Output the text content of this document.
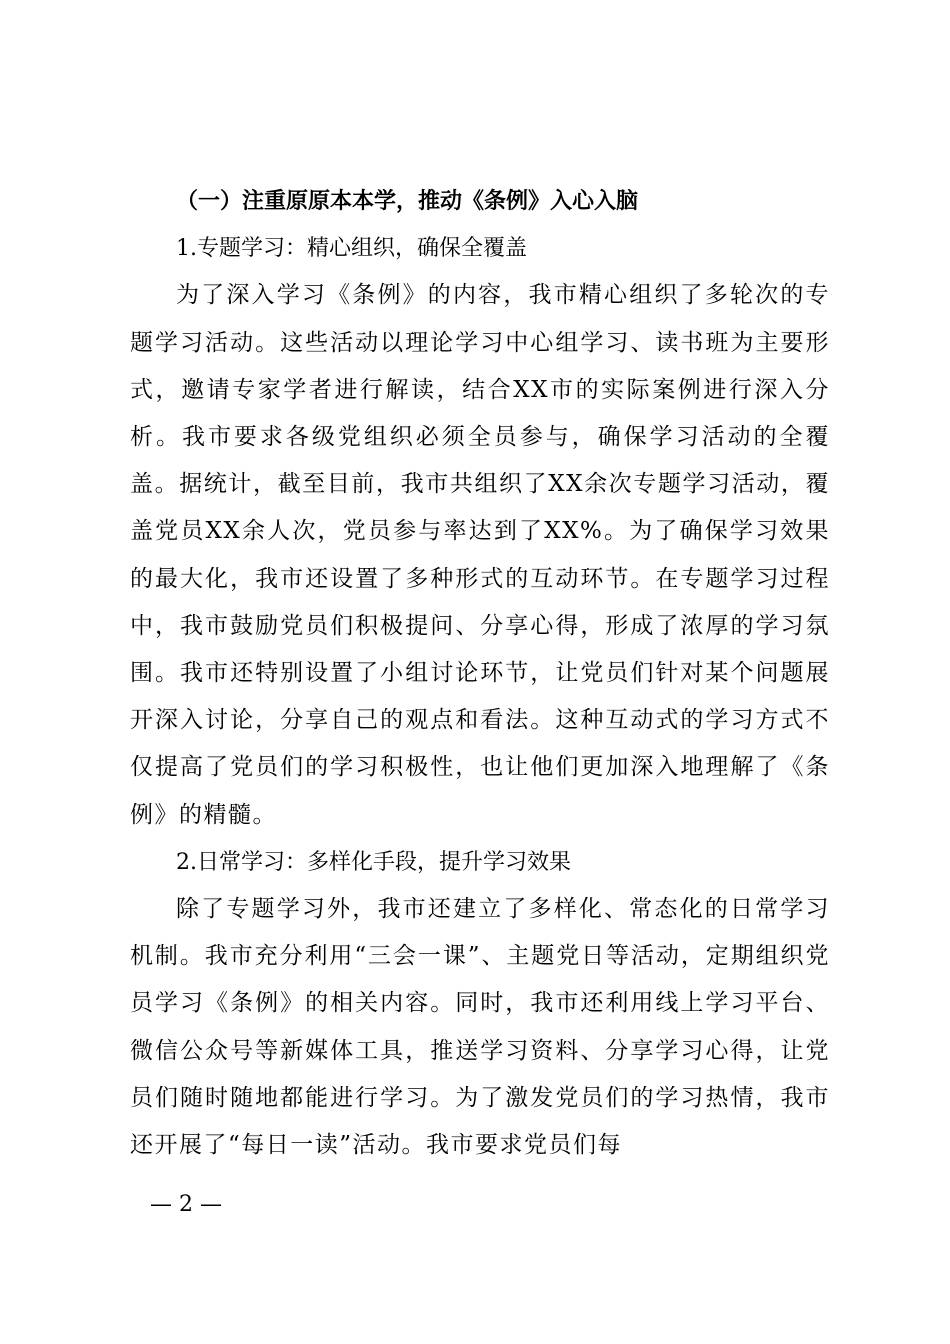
（一）注重原原本本学，推动《条例》入心入脑

1.专题学习：精心组织，确保全覆盖

为了深入学习《条例》的内容，我市精心组织了多轮次的专题学习活动。这些活动以理论学习中心组学习、读书班为主要形式，邀请专家学者进行解读，结合XX市的实际案例进行深入分析。我市要求各级党组织必须全员参与，确保学习活动的全覆盖。据统计，截至目前，我市共组织了XX余次专题学习活动，覆盖党员XX余人次，党员参与率达到了XX%。为了确保学习效果的最大化，我市还设置了多种形式的互动环节。在专题学习过程中，我市鼓励党员们积极提问、分享心得，形成了浓厚的学习氛围。我市还特别设置了小组讨论环节，让党员们针对某个问题展开深入讨论，分享自己的观点和看法。这种互动式的学习方式不仅提高了党员们的学习积极性，也让他们更加深入地理解了《条例》的精髓。

2.日常学习：多样化手段，提升学习效果

除了专题学习外，我市还建立了多样化、常态化的日常学习机制。我市充分利用“三会一课”、主题党日等活动，定期组织党员学习《条例》的相关内容。同时，我市还利用线上学习平台、微信公众号等新媒体工具，推送学习资料、分享学习心得，让党员们随时随地都能进行学习。为了激发党员们的学习热情，我市还开展了“每日一读”活动。我市要求党员们每

— 2 —
